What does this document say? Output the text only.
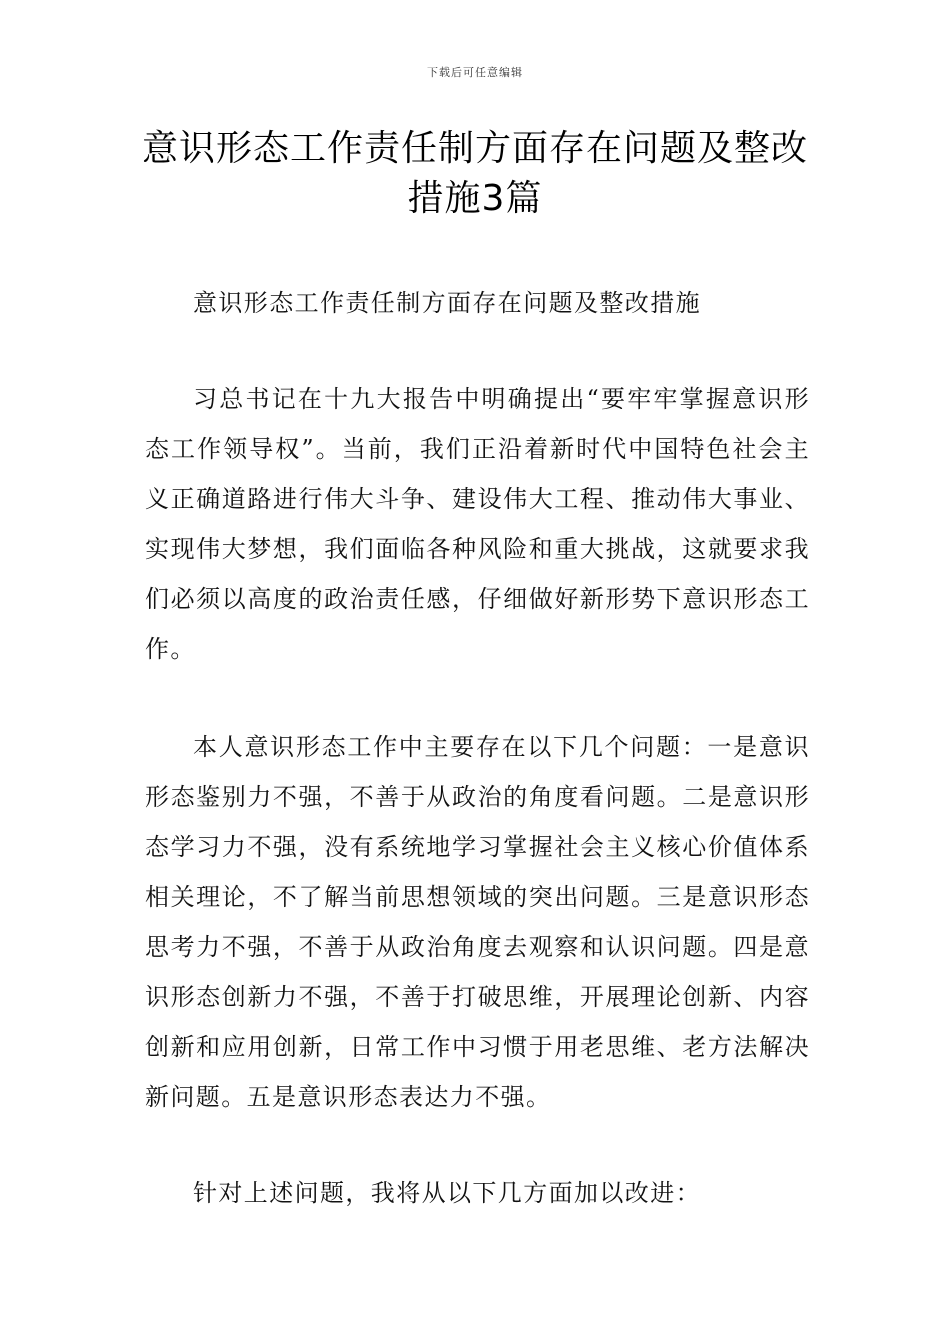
下载后可任意编辑
意识形态工作责任制方面存在问题及整改措施3篇

意识形态工作责任制方面存在问题及整改措施

习总书记在十九大报告中明确提出“要牢牢掌握意识形态工作领导权”。当前，我们正沿着新时代中国特色社会主义正确道路进行伟大斗争、建设伟大工程、推动伟大事业、实现伟大梦想，我们面临各种风险和重大挑战，这就要求我们必须以高度的政治责任感，仔细做好新形势下意识形态工作。

本人意识形态工作中主要存在以下几个问题：一是意识形态鉴别力不强，不善于从政治的角度看问题。二是意识形态学习力不强，没有系统地学习掌握社会主义核心价值体系相关理论，不了解当前思想领域的突出问题。三是意识形态思考力不强，不善于从政治角度去观察和认识问题。四是意识形态创新力不强，不善于打破思维，开展理论创新、内容创新和应用创新，日常工作中习惯于用老思维、老方法解决新问题。五是意识形态表达力不强。

针对上述问题，我将从以下几方面加以改进：
